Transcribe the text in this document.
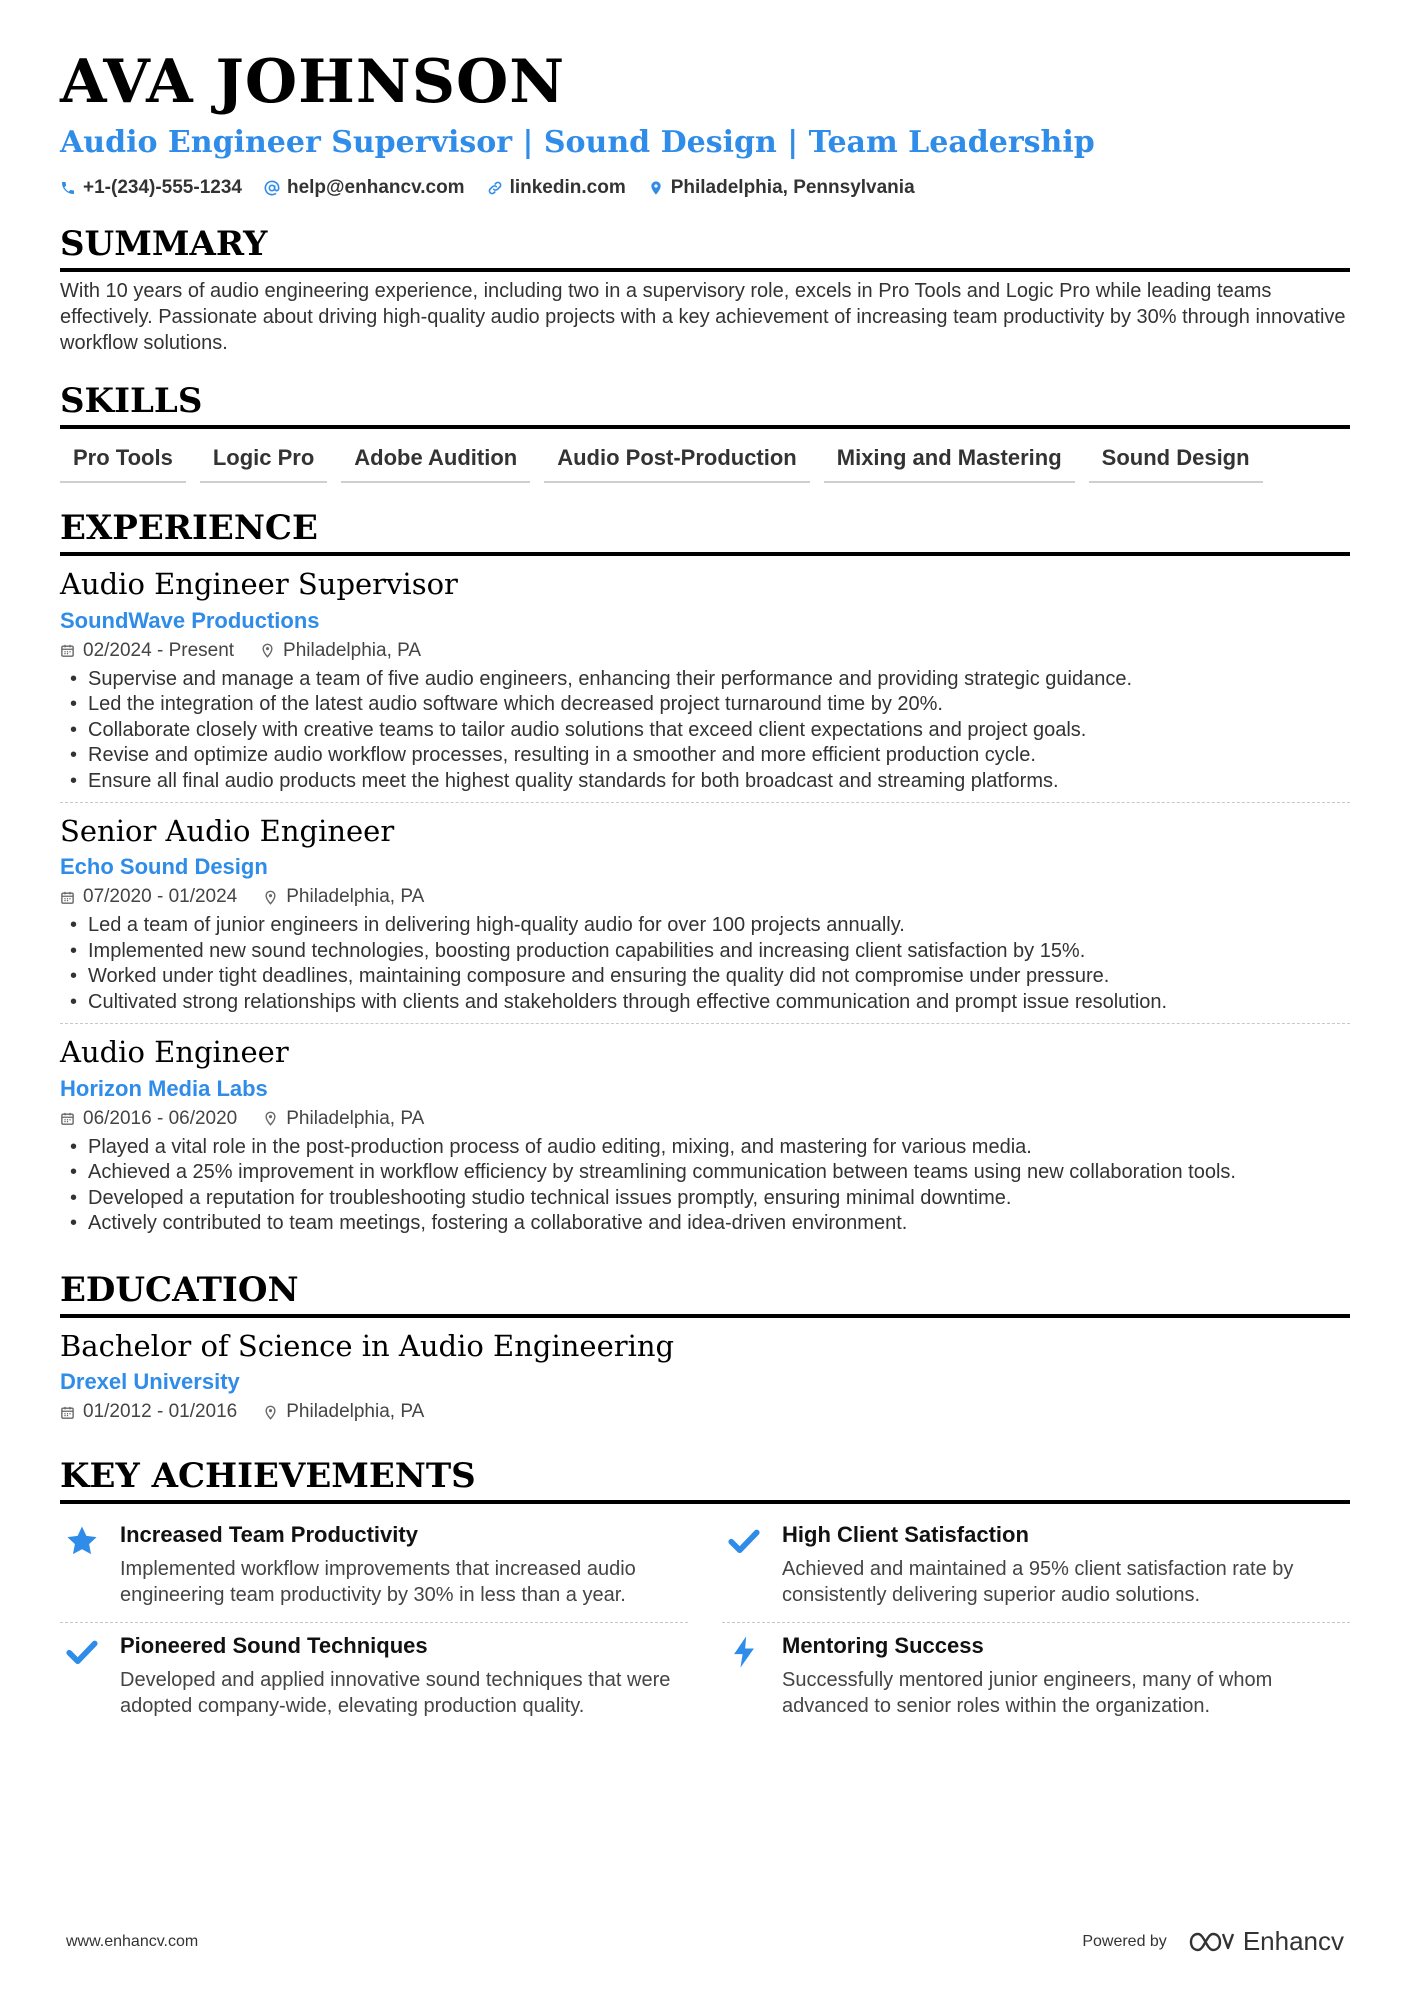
AVA JOHNSON
Audio Engineer Supervisor | Sound Design | Team Leadership
+1-(234)-555-1234 help@enhancv.com linkedin.com Philadelphia, Pennsylvania
SUMMARY

With 10 years of audio engineering experience, including two in a supervisory role, excels in Pro Tools and Logic Pro while leading teams effectively. Passionate about driving high-quality audio projects with a key achievement of increasing team productivity by 30% through innovative workflow solutions.

SKILLS
Pro Tools	Logic Pro	Adobe Audition	Audio Post-Production	Mixing and Mastering	Sound Design
EXPERIENCE
Audio Engineer Supervisor
SoundWave Productions
02/2024 - Present	Philadelphia, PA
• Supervise and manage a team of five audio engineers, enhancing their performance and providing strategic guidance.
• Led the integration of the latest audio software which decreased project turnaround time by 20%.
• Collaborate closely with creative teams to tailor audio solutions that exceed client expectations and project goals.
• Revise and optimize audio workflow processes, resulting in a smoother and more efficient production cycle.
• Ensure all final audio products meet the highest quality standards for both broadcast and streaming platforms.
Senior Audio Engineer
Echo Sound Design
07/2020 - 01/2024	Philadelphia, PA
• Led a team of junior engineers in delivering high-quality audio for over 100 projects annually.
• Implemented new sound technologies, boosting production capabilities and increasing client satisfaction by 15%.
• Worked under tight deadlines, maintaining composure and ensuring the quality did not compromise under pressure.
• Cultivated strong relationships with clients and stakeholders through effective communication and prompt issue resolution.
Audio Engineer
Horizon Media Labs
06/2016 - 06/2020	Philadelphia, PA
• Played a vital role in the post-production process of audio editing, mixing, and mastering for various media.
• Achieved a 25% improvement in workflow efficiency by streamlining communication between teams using new collaboration tools.
• Developed a reputation for troubleshooting studio technical issues promptly, ensuring minimal downtime.
• Actively contributed to team meetings, fostering a collaborative and idea-driven environment.
EDUCATION
Bachelor of Science in Audio Engineering
Drexel University
01/2012 - 01/2016	Philadelphia, PA
KEY ACHIEVEMENTS
Increased Team Productivity
Implemented workflow improvements that increased audio engineering team productivity by 30% in less than a year.
High Client Satisfaction
Achieved and maintained a 95% client satisfaction rate by consistently delivering superior audio solutions.
Pioneered Sound Techniques
Developed and applied innovative sound techniques that were adopted company-wide, elevating production quality.
Mentoring Success
Successfully mentored junior engineers, many of whom advanced to senior roles within the organization.
www.enhancv.com	Powered by	Enhancv
